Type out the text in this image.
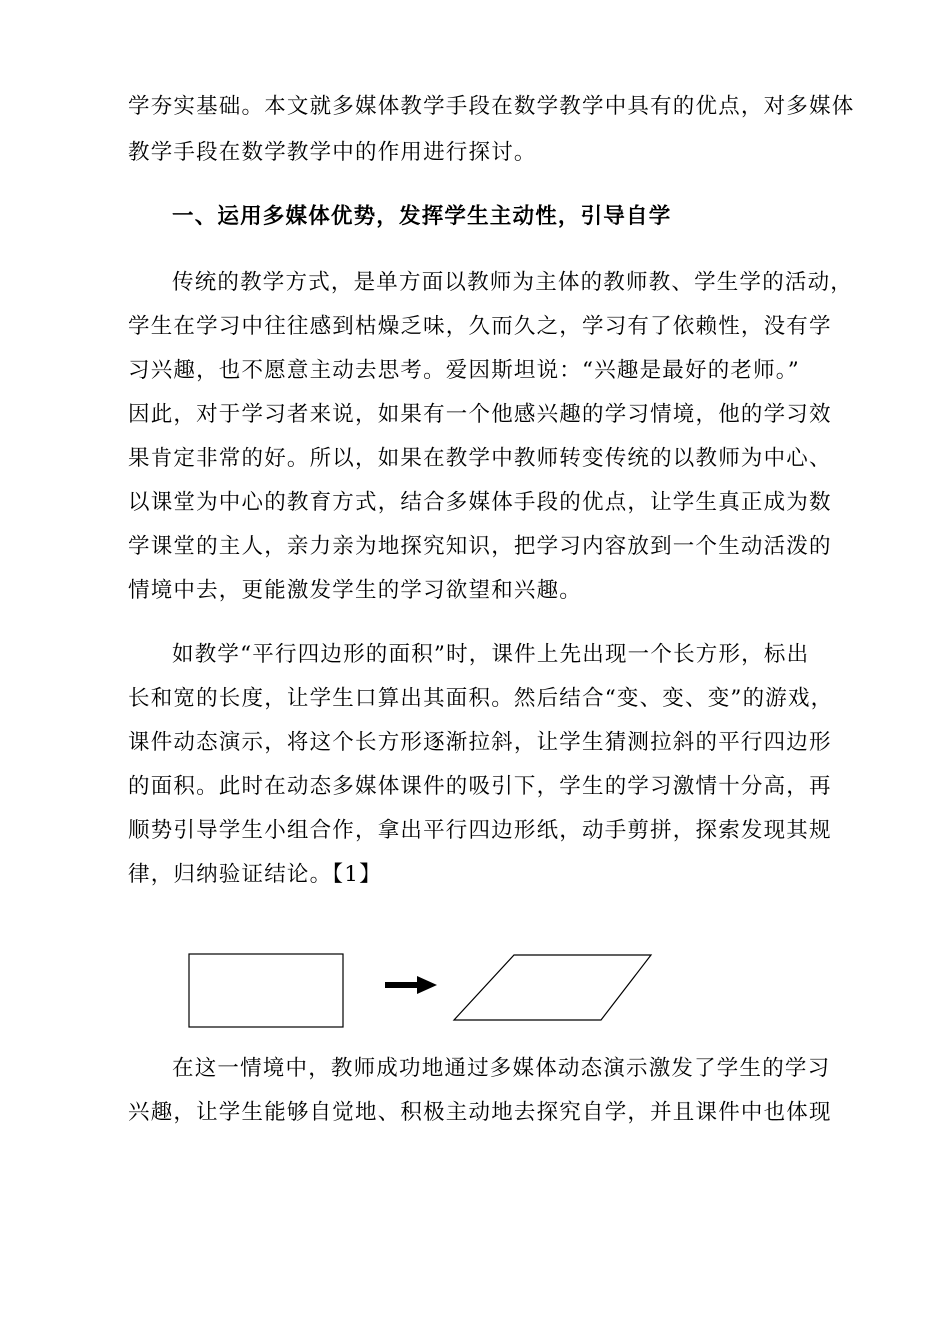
学夯实基础。本文就多媒体教学手段在数学教学中具有的优点，对多媒体
教学手段在数学教学中的作用进行探讨。
一、运用多媒体优势，发挥学生主动性，引导自学
传统的教学方式，是单方面以教师为主体的教师教、学生学的活动，
学生在学习中往往感到枯燥乏味，久而久之，学习有了依赖性，没有学
习兴趣，也不愿意主动去思考。爱因斯坦说：“兴趣是最好的老师。”
因此，对于学习者来说，如果有一个他感兴趣的学习情境，他的学习效
果肯定非常的好。所以，如果在教学中教师转变传统的以教师为中心、
以课堂为中心的教育方式，结合多媒体手段的优点，让学生真正成为数
学课堂的主人，亲力亲为地探究知识，把学习内容放到一个生动活泼的
情境中去，更能激发学生的学习欲望和兴趣。
如教学“平行四边形的面积”时，课件上先出现一个长方形，标出
长和宽的长度，让学生口算出其面积。然后结合“变、变、变”的游戏，
课件动态演示，将这个长方形逐渐拉斜，让学生猜测拉斜的平行四边形
的面积。此时在动态多媒体课件的吸引下，学生的学习激情十分高，再
顺势引导学生小组合作，拿出平行四边形纸，动手剪拼，探索发现其规
律，归纳验证结论。【1】
在这一情境中，教师成功地通过多媒体动态演示激发了学生的学习
兴趣，让学生能够自觉地、积极主动地去探究自学，并且课件中也体现
